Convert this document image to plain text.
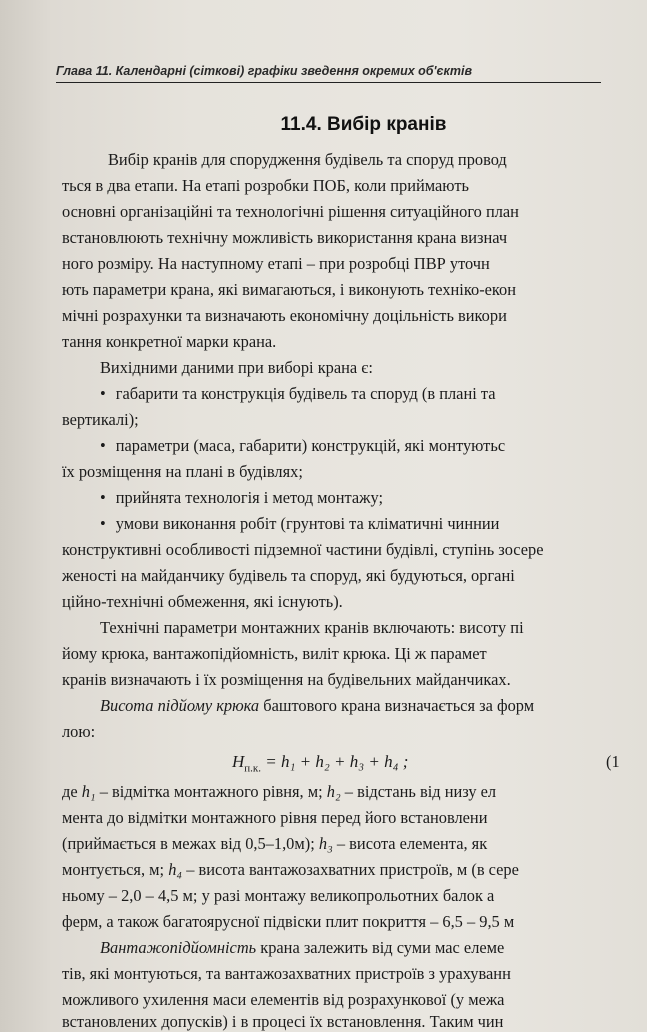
Глава 11. Календарні (сіткові) графіки зведення окремих об'єктів
11.4. Вибір кранів
Вибір кранів для спорудження будівель та споруд провод
ться в два етапи. На етапі розробки ПОБ, коли приймають
основні організаційні та технологічні рішення ситуаційного план
встановлюють технічну можливість використання крана визнач
ного розміру. На наступному етапі – при розробці ПВР уточн
ють параметри крана, які вимагаються, і виконують техніко-екон
мічні розрахунки та визначають економічну доцільність викори
тання конкретної марки крана.
Вихідними даними при виборі крана є:
• габарити та конструкція будівель та споруд (в плані та
вертикалі);
• параметри (маса, габарити) конструкцій, які монтуютьс
їх розміщення на плані в будівлях;
• прийнята технологія і метод монтажу;
• умови виконання робіт (грунтові та кліматичні чиннии
конструктивні особливості підземної частини будівлі, ступінь зосере
женості на майданчику будівель та споруд, які будуються, органі
ційно-технічні обмеження, які існують).
Технічні параметри монтажних кранів включають: висоту пі
йому крюка, вантажопідйомність, виліт крюка. Ці ж парамет
кранів визначають і їх розміщення на будівельних майданчиках.
Висота підйому крюка баштового крана визначається за форм
лою:
$H_{п.к.} = h_1 + h_2 + h_3 + h_4$ ;	(1
де h₁ – відмітка монтажного рівня, м; h₂ – відстань від низу ел
мента до відмітки монтажного рівня перед його встановлени
(приймається в межах від 0,5–1,0м); h₃ – висота елемента, як
монтується, м; h₄ – висота вантажозахватних пристроїв, м (в сере
ньому – 2,0 – 4,5 м; у разі монтажу великопрольотних балок а
ферм, а також багатоярусної підвіски плит покриття – 6,5 – 9,5 м
Вантажопідйомність крана залежить від суми мас елеме
тів, які монтуються, та вантажозахватних пристроїв з урахуванн
можливого ухилення маси елементів від розрахункової (у межа
встановлених допусків) і в процесі їх встановлення. Таким чин
